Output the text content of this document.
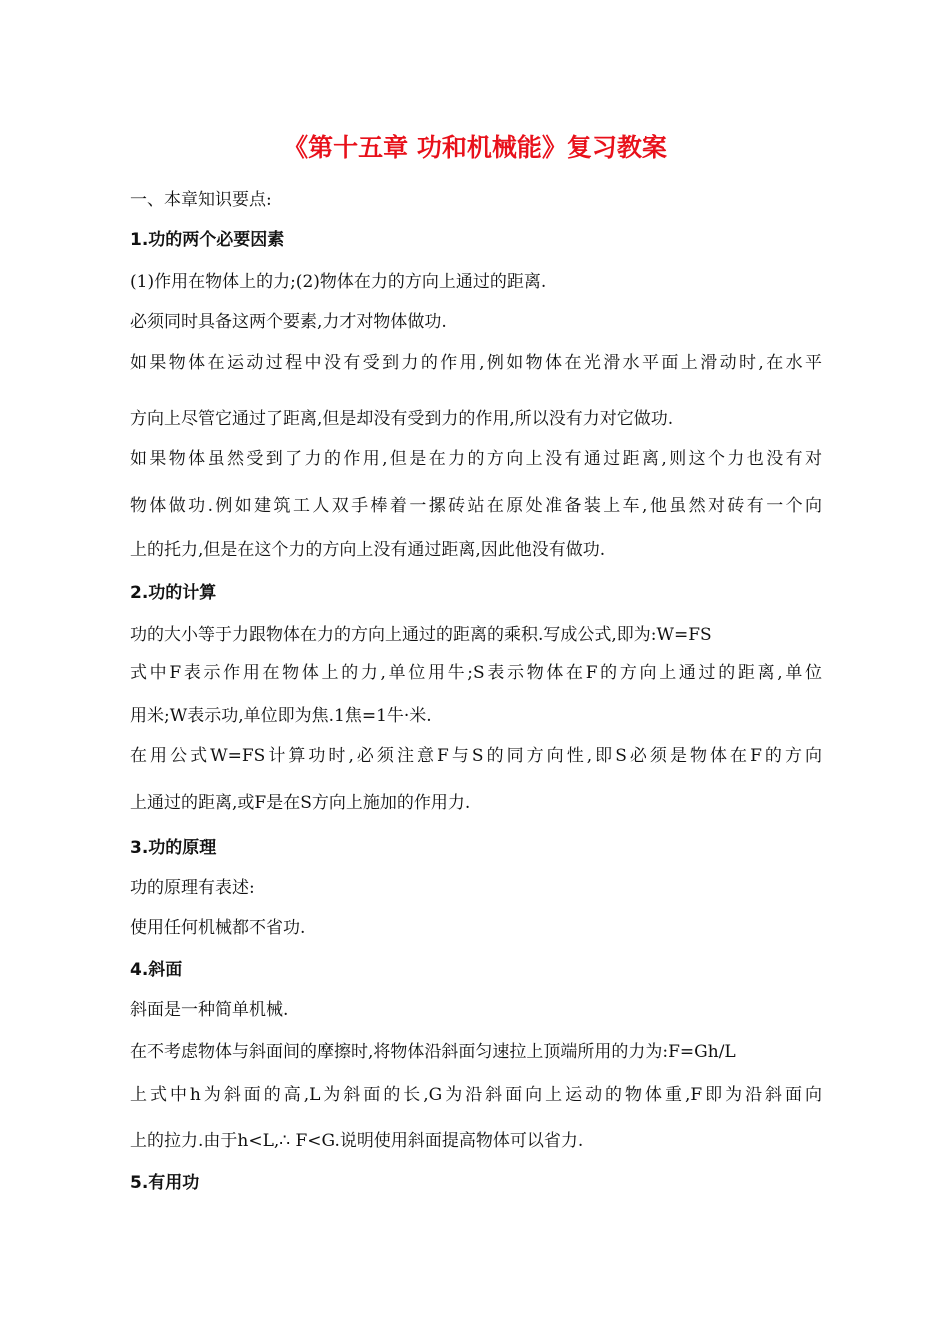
《第十五章 功和机械能》复习教案
一、本章知识要点:
1.功的两个必要因素
(1)作用在物体上的力;(2)物体在力的方向上通过的距离.
必须同时具备这两个要素,力才对物体做功.
如果物体在运动过程中没有受到力的作用,例如物体在光滑水平面上滑动时,在水平
方向上尽管它通过了距离,但是却没有受到力的作用,所以没有力对它做功.
如果物体虽然受到了力的作用,但是在力的方向上没有通过距离,则这个力也没有对
物体做功.例如建筑工人双手棒着一摞砖站在原处准备装上车,他虽然对砖有一个向
上的托力,但是在这个力的方向上没有通过距离,因此他没有做功.
2.功的计算
功的大小等于力跟物体在力的方向上通过的距离的乘积.写成公式,即为:W=FS
式中F表示作用在物体上的力,单位用牛;S表示物体在F的方向上通过的距离,单位
用米;W表示功,单位即为焦.1焦=1牛·米.
在用公式W=FS计算功时,必须注意F与S的同方向性,即S必须是物体在F的方向
上通过的距离,或F是在S方向上施加的作用力.
3.功的原理
功的原理有表述:
使用任何机械都不省功.
4.斜面
斜面是一种简单机械.
在不考虑物体与斜面间的摩擦时,将物体沿斜面匀速拉上顶端所用的力为:F=Gh/L
上式中h为斜面的高,L为斜面的长,G为沿斜面向上运动的物体重,F即为沿斜面向
上的拉力.由于h<L,∴ F<G.说明使用斜面提高物体可以省力.
5.有用功
